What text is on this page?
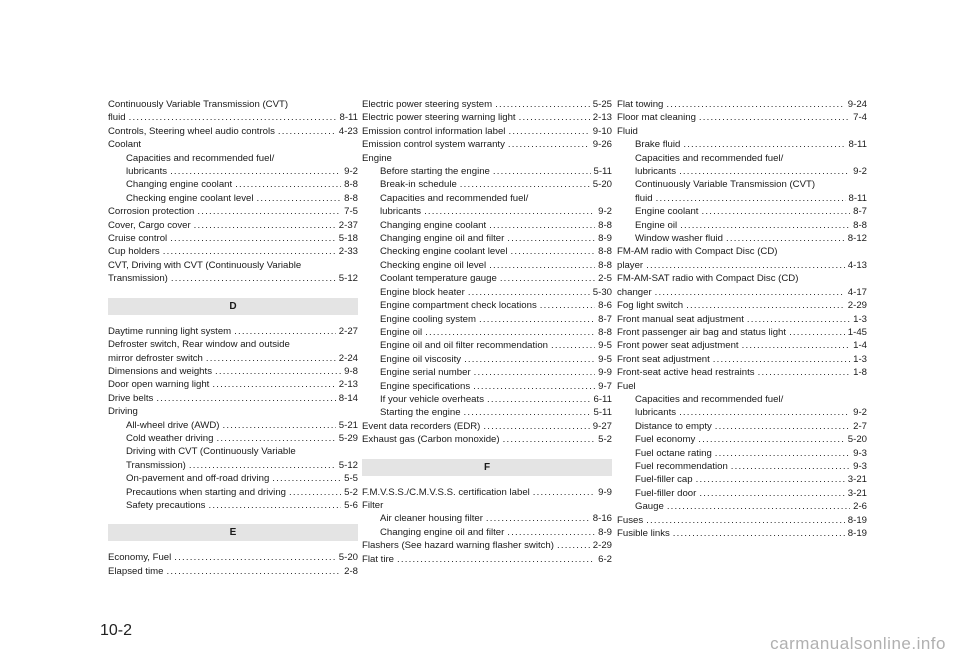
Continuously Variable Transmission (CVT)
fluid .....	8-11
Controls, Steering wheel audio controls .....	4-23
Coolant
Capacities and recommended fuel/
lubricants .....	9-2
Changing engine coolant .....	8-8
Checking engine coolant level .....	8-8
Corrosion protection .....	7-5
Cover, Cargo cover .....	2-37
Cruise control .....	5-18
Cup holders .....	2-33
CVT, Driving with CVT (Continuously Variable
Transmission) .....	5-12
D
Daytime running light system .....	2-27
Defroster switch, Rear window and outside
mirror defroster switch .....	2-24
Dimensions and weights .....	9-8
Door open warning light .....	2-13
Drive belts .....	8-14
Driving
All-wheel drive (AWD) .....	5-21
Cold weather driving .....	5-29
Driving with CVT (Continuously Variable
Transmission) .....	5-12
On-pavement and off-road driving .....	5-5
Precautions when starting and driving .....	5-2
Safety precautions .....	5-6
E
Economy, Fuel .....	5-20
Elapsed time .....	2-8
Electric power steering system .....	5-25
Electric power steering warning light .....	2-13
Emission control information label .....	9-10
Emission control system warranty .....	9-26
Engine
Before starting the engine .....	5-11
Break-in schedule .....	5-20
Capacities and recommended fuel/
lubricants .....	9-2
Changing engine coolant .....	8-8
Changing engine oil and filter .....	8-9
Checking engine coolant level .....	8-8
Checking engine oil level .....	8-8
Coolant temperature gauge .....	2-5
Engine block heater .....	5-30
Engine compartment check locations .....	8-6
Engine cooling system .....	8-7
Engine oil .....	8-8
Engine oil and oil filter recommendation .....	9-5
Engine oil viscosity .....	9-5
Engine serial number .....	9-9
Engine specifications .....	9-7
If your vehicle overheats .....	6-11
Starting the engine .....	5-11
Event data recorders (EDR) .....	9-27
Exhaust gas (Carbon monoxide) .....	5-2
F
F.M.V.S.S./C.M.V.S.S. certification label .....	9-9
Filter
Air cleaner housing filter .....	8-16
Changing engine oil and filter .....	8-9
Flashers (See hazard warning flasher switch) .....	2-29
Flat tire .....	6-2
Flat towing .....	9-24
Floor mat cleaning .....	7-4
Fluid
Brake fluid .....	8-11
Capacities and recommended fuel/
lubricants .....	9-2
Continuously Variable Transmission (CVT)
fluid .....	8-11
Engine coolant .....	8-7
Engine oil .....	8-8
Window washer fluid .....	8-12
FM-AM radio with Compact Disc (CD)
player .....	4-13
FM-AM-SAT radio with Compact Disc (CD)
changer .....	4-17
Fog light switch .....	2-29
Front manual seat adjustment .....	1-3
Front passenger air bag and status light .....	1-45
Front power seat adjustment .....	1-4
Front seat adjustment .....	1-3
Front-seat active head restraints .....	1-8
Fuel
Capacities and recommended fuel/
lubricants .....	9-2
Distance to empty .....	2-7
Fuel economy .....	5-20
Fuel octane rating .....	9-3
Fuel recommendation .....	9-3
Fuel-filler cap .....	3-21
Fuel-filler door .....	3-21
Gauge .....	2-6
Fuses .....	8-19
Fusible links .....	8-19
10-2
carmanualsonline.info
